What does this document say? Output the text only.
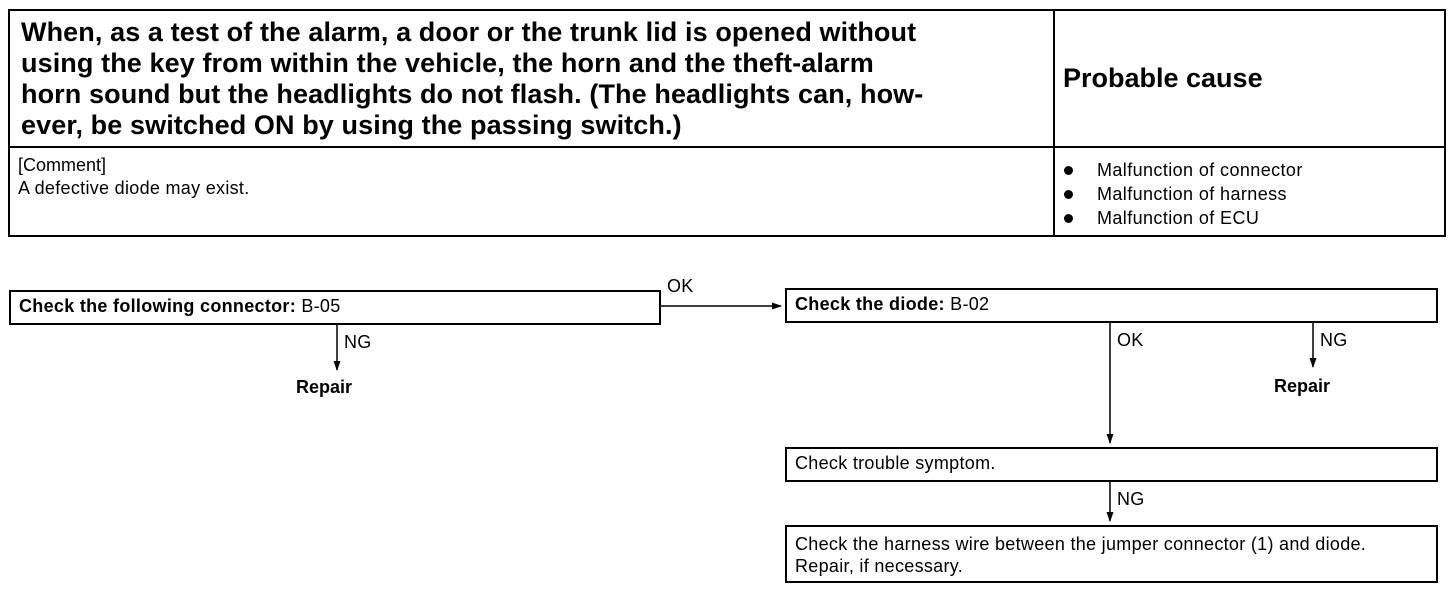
When, as a test of the alarm, a door or the trunk lid is opened without
using the key from within the vehicle, the horn and the theft-alarm
horn sound but the headlights do not flash. (The headlights can, how-
ever, be switched ON by using the passing switch.)
Probable cause
[Comment]
A defective diode may exist.
Malfunction of connector
Malfunction of harness
Malfunction of ECU
Check the following connector: B-05
OK
NG
Repair
Check the diode: B-02
OK	NG
Repair
Check trouble symptom.
NG
Check the harness wire between the jumper connector (1) and diode. Repair, if necessary.
